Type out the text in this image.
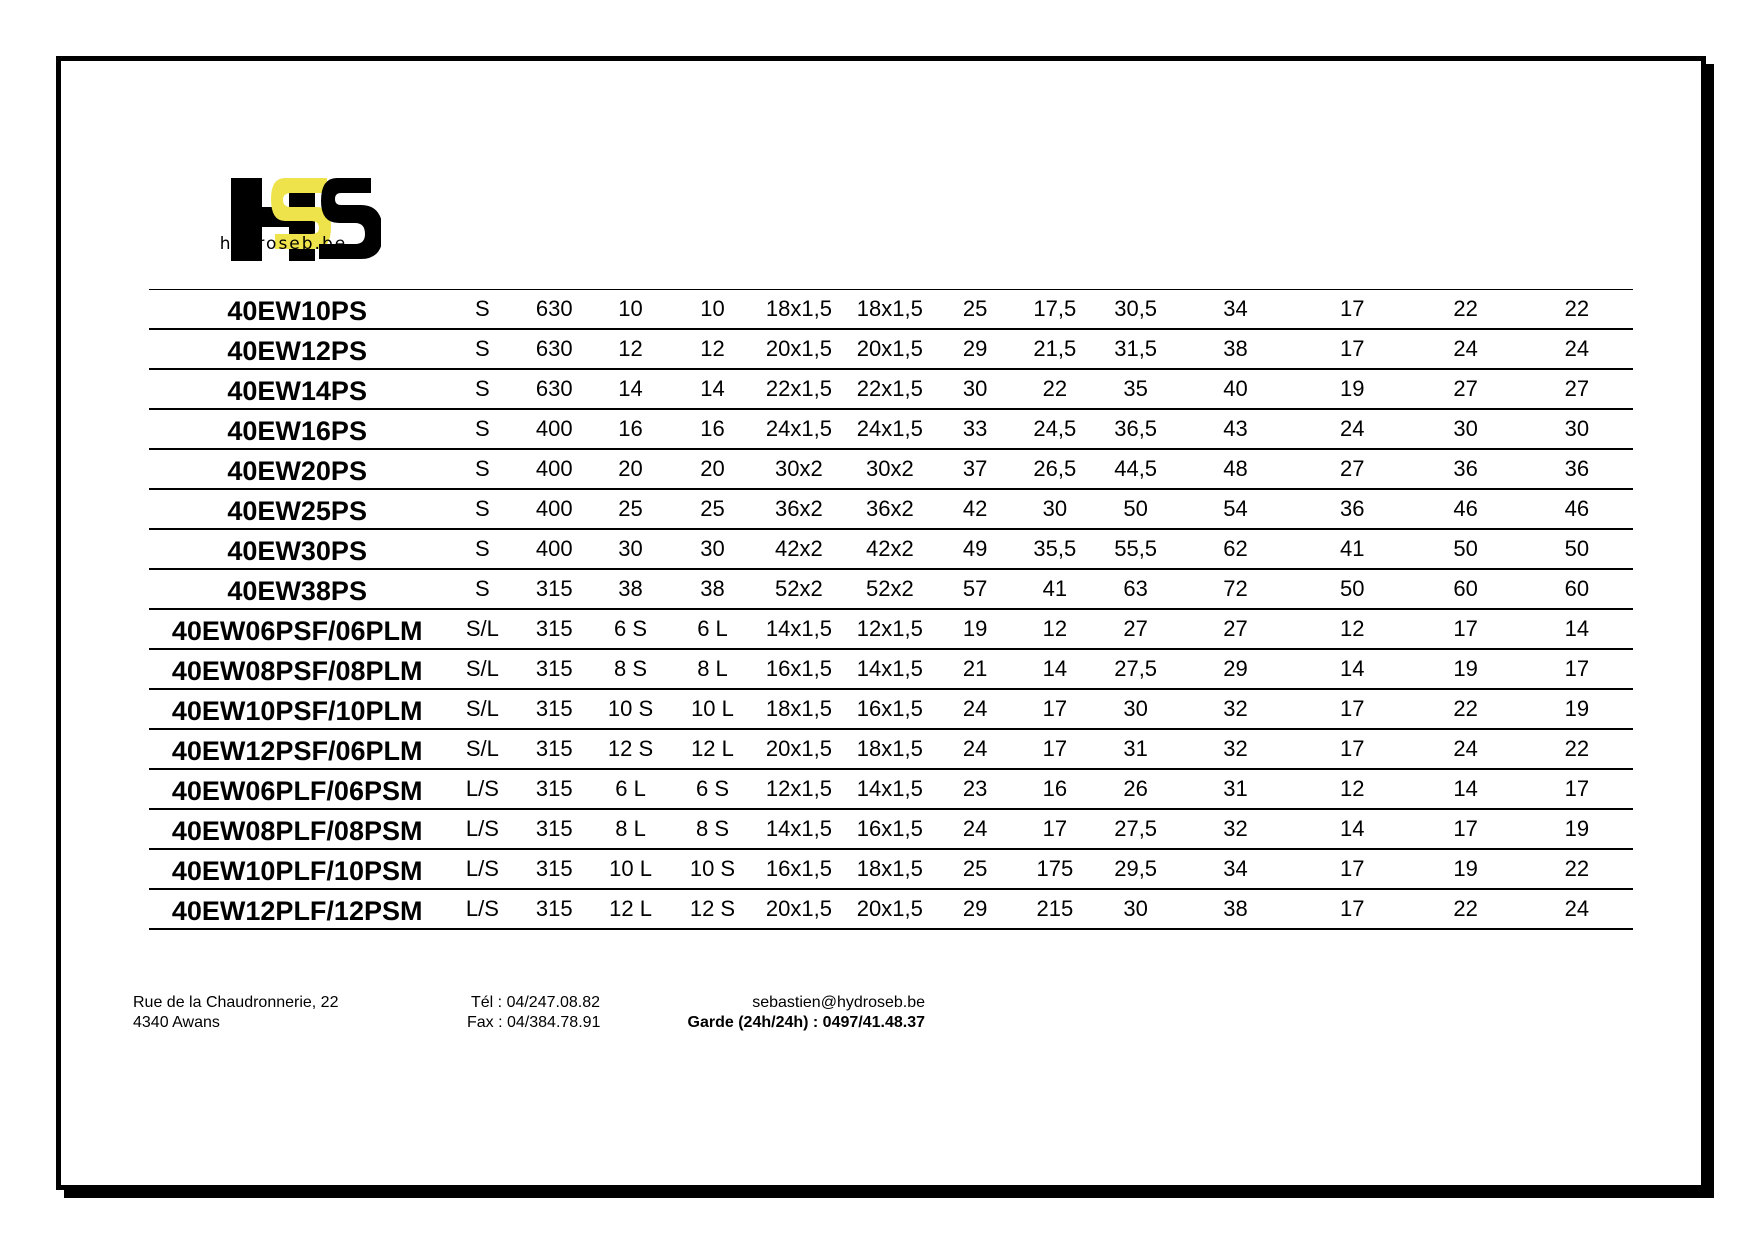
hydroseb.be
40EW10PS	S	630	10	10	18x1,5	18x1,5	25	17,5	30,5	34	17	22	22
40EW12PS	S	630	12	12	20x1,5	20x1,5	29	21,5	31,5	38	17	24	24
40EW14PS	S	630	14	14	22x1,5	22x1,5	30	22	35	40	19	27	27
40EW16PS	S	400	16	16	24x1,5	24x1,5	33	24,5	36,5	43	24	30	30
40EW20PS	S	400	20	20	30x2	30x2	37	26,5	44,5	48	27	36	36
40EW25PS	S	400	25	25	36x2	36x2	42	30	50	54	36	46	46
40EW30PS	S	400	30	30	42x2	42x2	49	35,5	55,5	62	41	50	50
40EW38PS	S	315	38	38	52x2	52x2	57	41	63	72	50	60	60
40EW06PSF/06PLM	S/L	315	6 S	6 L	14x1,5	12x1,5	19	12	27	27	12	17	14
40EW08PSF/08PLM	S/L	315	8 S	8 L	16x1,5	14x1,5	21	14	27,5	29	14	19	17
40EW10PSF/10PLM	S/L	315	10 S	10 L	18x1,5	16x1,5	24	17	30	32	17	22	19
40EW12PSF/06PLM	S/L	315	12 S	12 L	20x1,5	18x1,5	24	17	31	32	17	24	22
40EW06PLF/06PSM	L/S	315	6 L	6 S	12x1,5	14x1,5	23	16	26	31	12	14	17
40EW08PLF/08PSM	L/S	315	8 L	8 S	14x1,5	16x1,5	24	17	27,5	32	14	17	19
40EW10PLF/10PSM	L/S	315	10 L	10 S	16x1,5	18x1,5	25	175	29,5	34	17	19	22
40EW12PLF/12PSM	L/S	315	12 L	12 S	20x1,5	20x1,5	29	215	30	38	17	22	24
Rue de la Chaudronnerie, 22
4340 Awans
Tél : 04/247.08.82
Fax : 04/384.78.91
sebastien@hydroseb.be
Garde (24h/24h) : 0497/41.48.37
